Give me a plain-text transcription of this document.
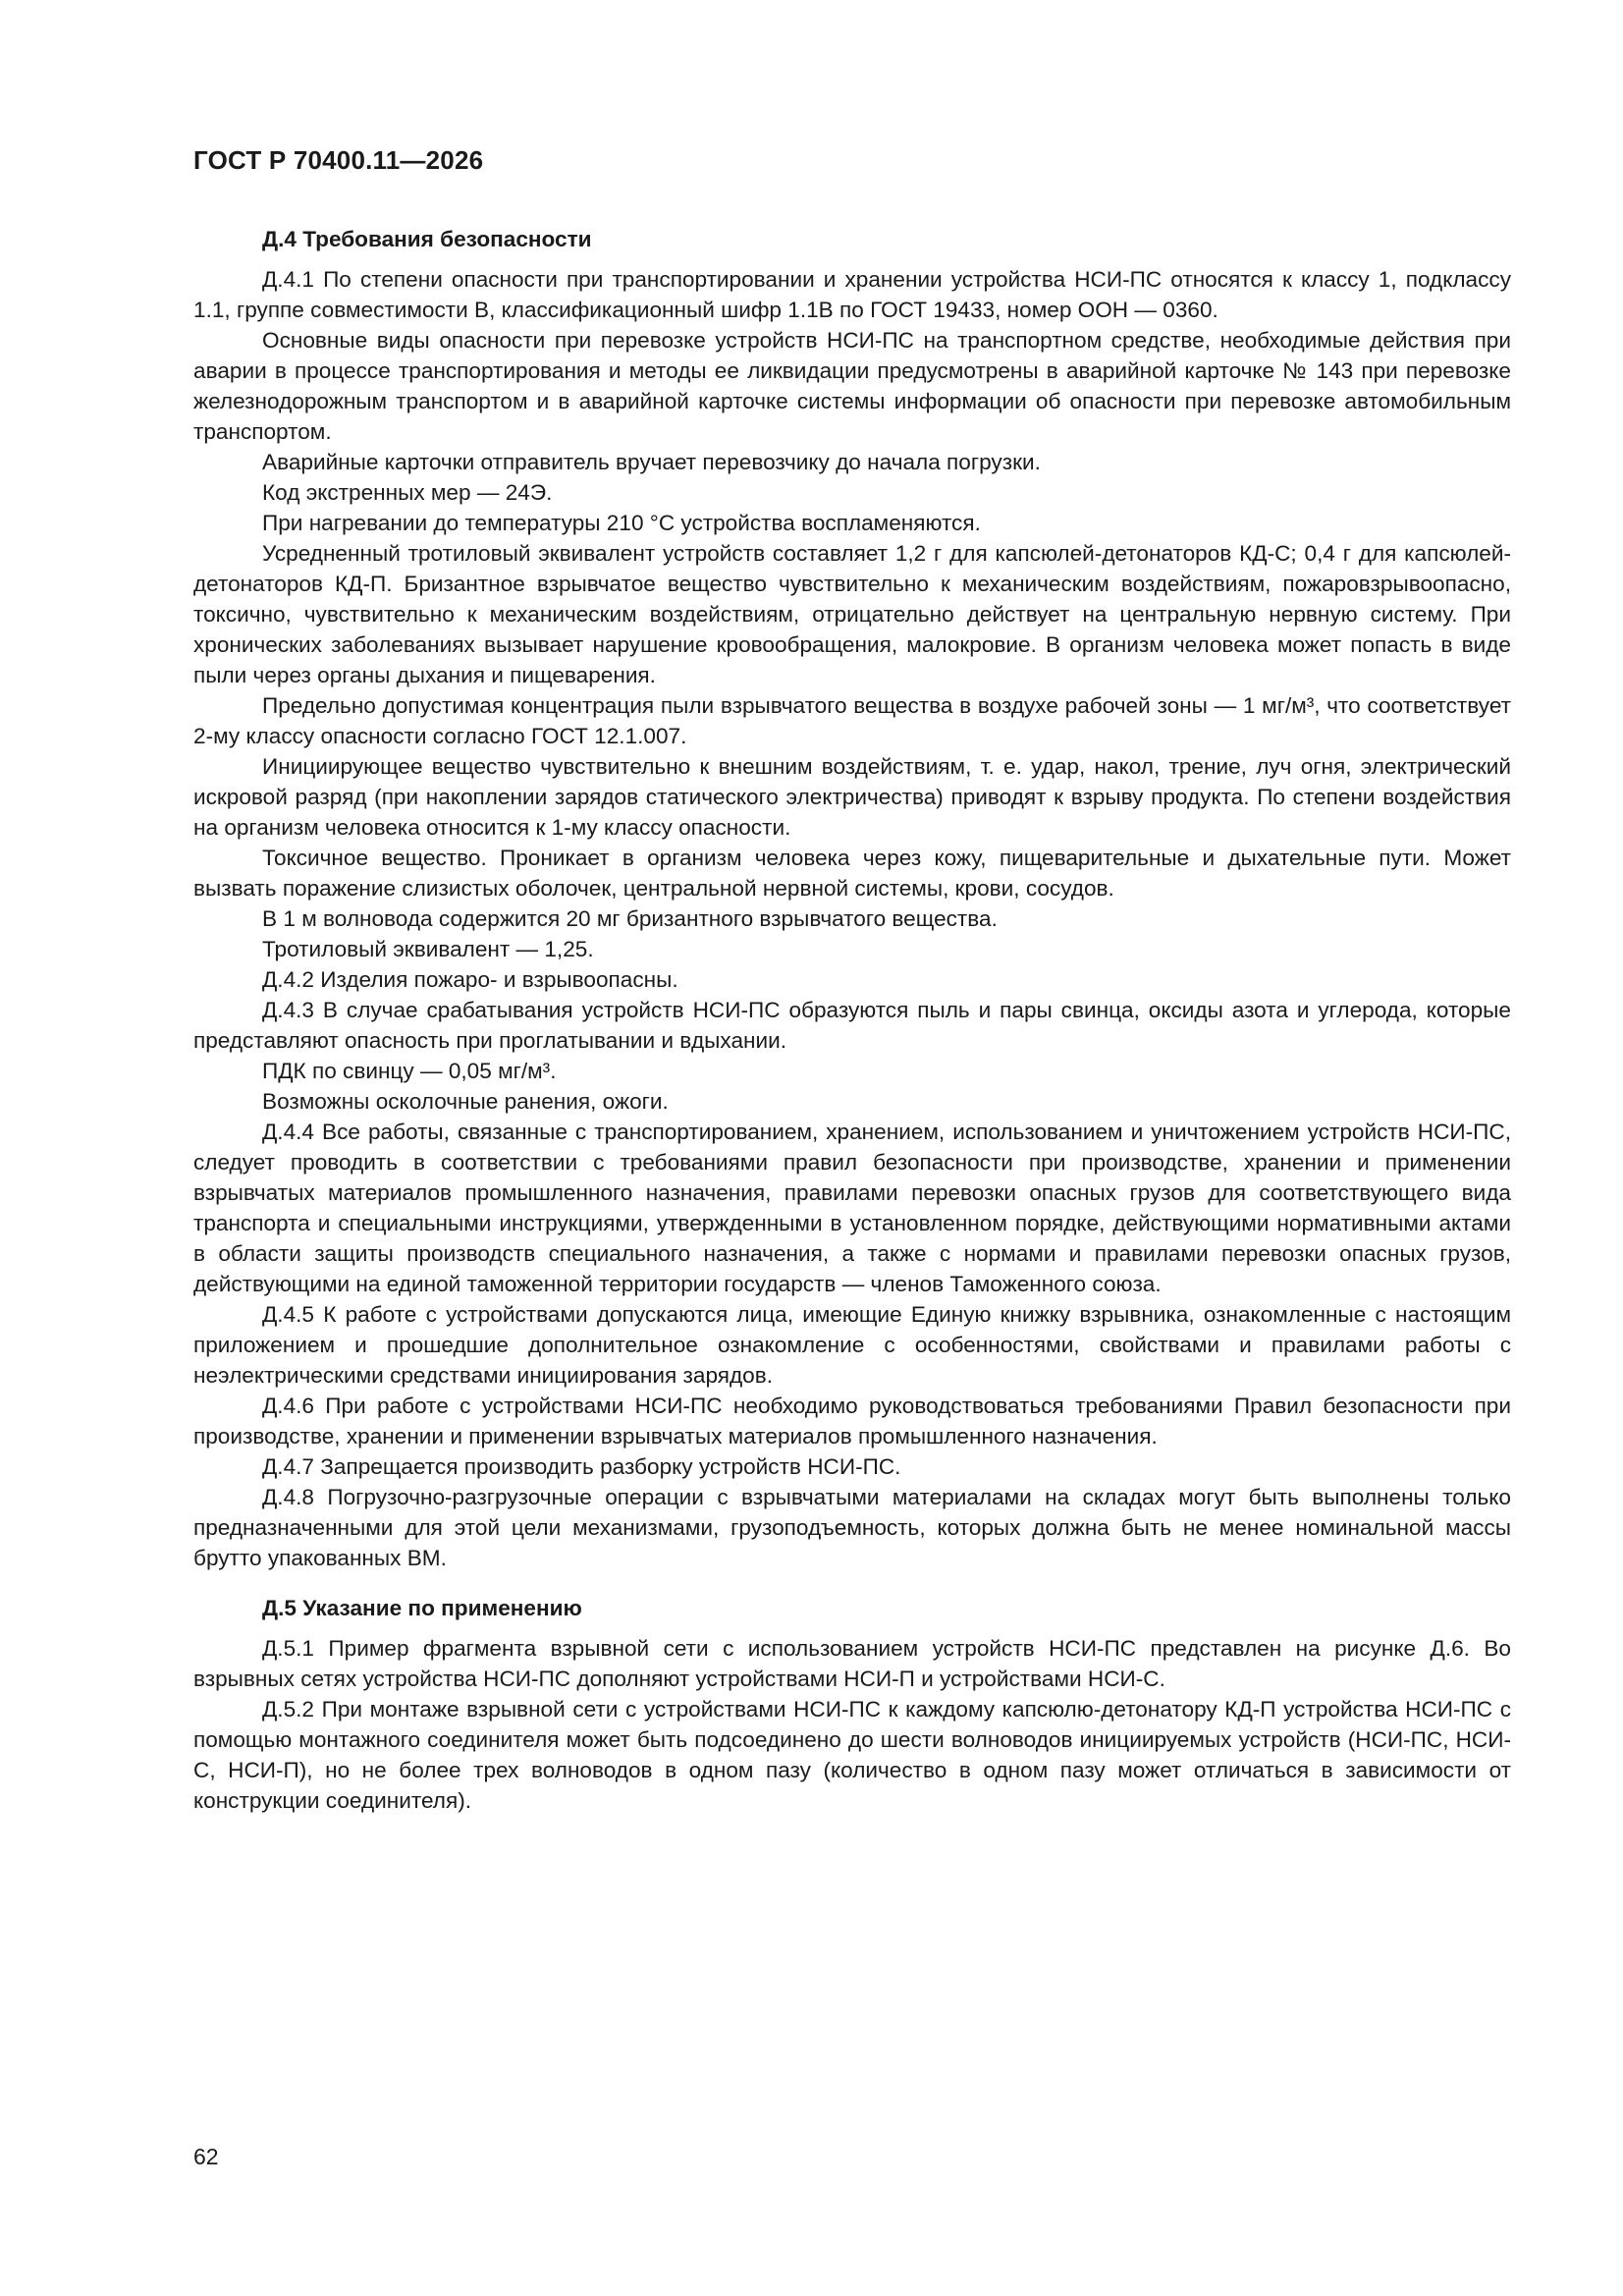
ГОСТ Р 70400.11—2026
Д.4 Требования безопасности

Д.4.1 По степени опасности при транспортировании и хранении устройства НСИ-ПС относятся к классу 1, подклассу 1.1, группе совместимости В, классификационный шифр 1.1В по ГОСТ 19433, номер ООН — 0360.

Основные виды опасности при перевозке устройств НСИ-ПС на транспортном средстве, необходимые действия при аварии в процессе транспортирования и методы ее ликвидации предусмотрены в аварийной карточке № 143 при перевозке железнодорожным транспортом и в аварийной карточке системы информации об опасности при перевозке автомобильным транспортом.

Аварийные карточки отправитель вручает перевозчику до начала погрузки.

Код экстренных мер — 24Э.

При нагревании до температуры 210 °С устройства воспламеняются.

Усредненный тротиловый эквивалент устройств составляет 1,2 г для капсюлей-детонаторов КД-С; 0,4 г для капсюлей-детонаторов КД-П. Бризантное взрывчатое вещество чувствительно к механическим воздействиям, пожаровзрывоопасно, токсично, чувствительно к механическим воздействиям, отрицательно действует на центральную нервную систему. При хронических заболеваниях вызывает нарушение кровообращения, малокровие. В организм человека может попасть в виде пыли через органы дыхания и пищеварения.

Предельно допустимая концентрация пыли взрывчатого вещества в воздухе рабочей зоны — 1 мг/м³, что соответствует 2-му классу опасности согласно ГОСТ 12.1.007.

Инициирующее вещество чувствительно к внешним воздействиям, т. е. удар, накол, трение, луч огня, электрический искровой разряд (при накоплении зарядов статического электричества) приводят к взрыву продукта. По степени воздействия на организм человека относится к 1-му классу опасности.

Токсичное вещество. Проникает в организм человека через кожу, пищеварительные и дыхательные пути. Может вызвать поражение слизистых оболочек, центральной нервной системы, крови, сосудов.

В 1 м волновода содержится 20 мг бризантного взрывчатого вещества.

Тротиловый эквивалент — 1,25.

Д.4.2 Изделия пожаро- и взрывоопасны.

Д.4.3 В случае срабатывания устройств НСИ-ПС образуются пыль и пары свинца, оксиды азота и углерода, которые представляют опасность при проглатывании и вдыхании.

ПДК по свинцу — 0,05 мг/м³.

Возможны осколочные ранения, ожоги.

Д.4.4 Все работы, связанные с транспортированием, хранением, использованием и уничтожением устройств НСИ-ПС, следует проводить в соответствии с требованиями правил безопасности при производстве, хранении и применении взрывчатых материалов промышленного назначения, правилами перевозки опасных грузов для соответствующего вида транспорта и специальными инструкциями, утвержденными в установленном порядке, действующими нормативными актами в области защиты производств специального назначения, а также с нормами и правилами перевозки опасных грузов, действующими на единой таможенной территории государств — членов Таможенного союза.

Д.4.5 К работе с устройствами допускаются лица, имеющие Единую книжку взрывника, ознакомленные с настоящим приложением и прошедшие дополнительное ознакомление с особенностями, свойствами и правилами работы с неэлектрическими средствами инициирования зарядов.

Д.4.6 При работе с устройствами НСИ-ПС необходимо руководствоваться требованиями Правил безопасности при производстве, хранении и применении взрывчатых материалов промышленного назначения.

Д.4.7 Запрещается производить разборку устройств НСИ-ПС.

Д.4.8 Погрузочно-разгрузочные операции с взрывчатыми материалами на складах могут быть выполнены только предназначенными для этой цели механизмами, грузоподъемность, которых должна быть не менее номинальной массы брутто упакованных ВМ.

Д.5 Указание по применению

Д.5.1 Пример фрагмента взрывной сети с использованием устройств НСИ-ПС представлен на рисунке Д.6. Во взрывных сетях устройства НСИ-ПС дополняют устройствами НСИ-П и устройствами НСИ-С.

Д.5.2 При монтаже взрывной сети с устройствами НСИ-ПС к каждому капсюлю-детонатору КД-П устройства НСИ-ПС с помощью монтажного соединителя может быть подсоединено до шести волноводов инициируемых устройств (НСИ-ПС, НСИ-С, НСИ-П), но не более трех волноводов в одном пазу (количество в одном пазу может отличаться в зависимости от конструкции соединителя).

62
